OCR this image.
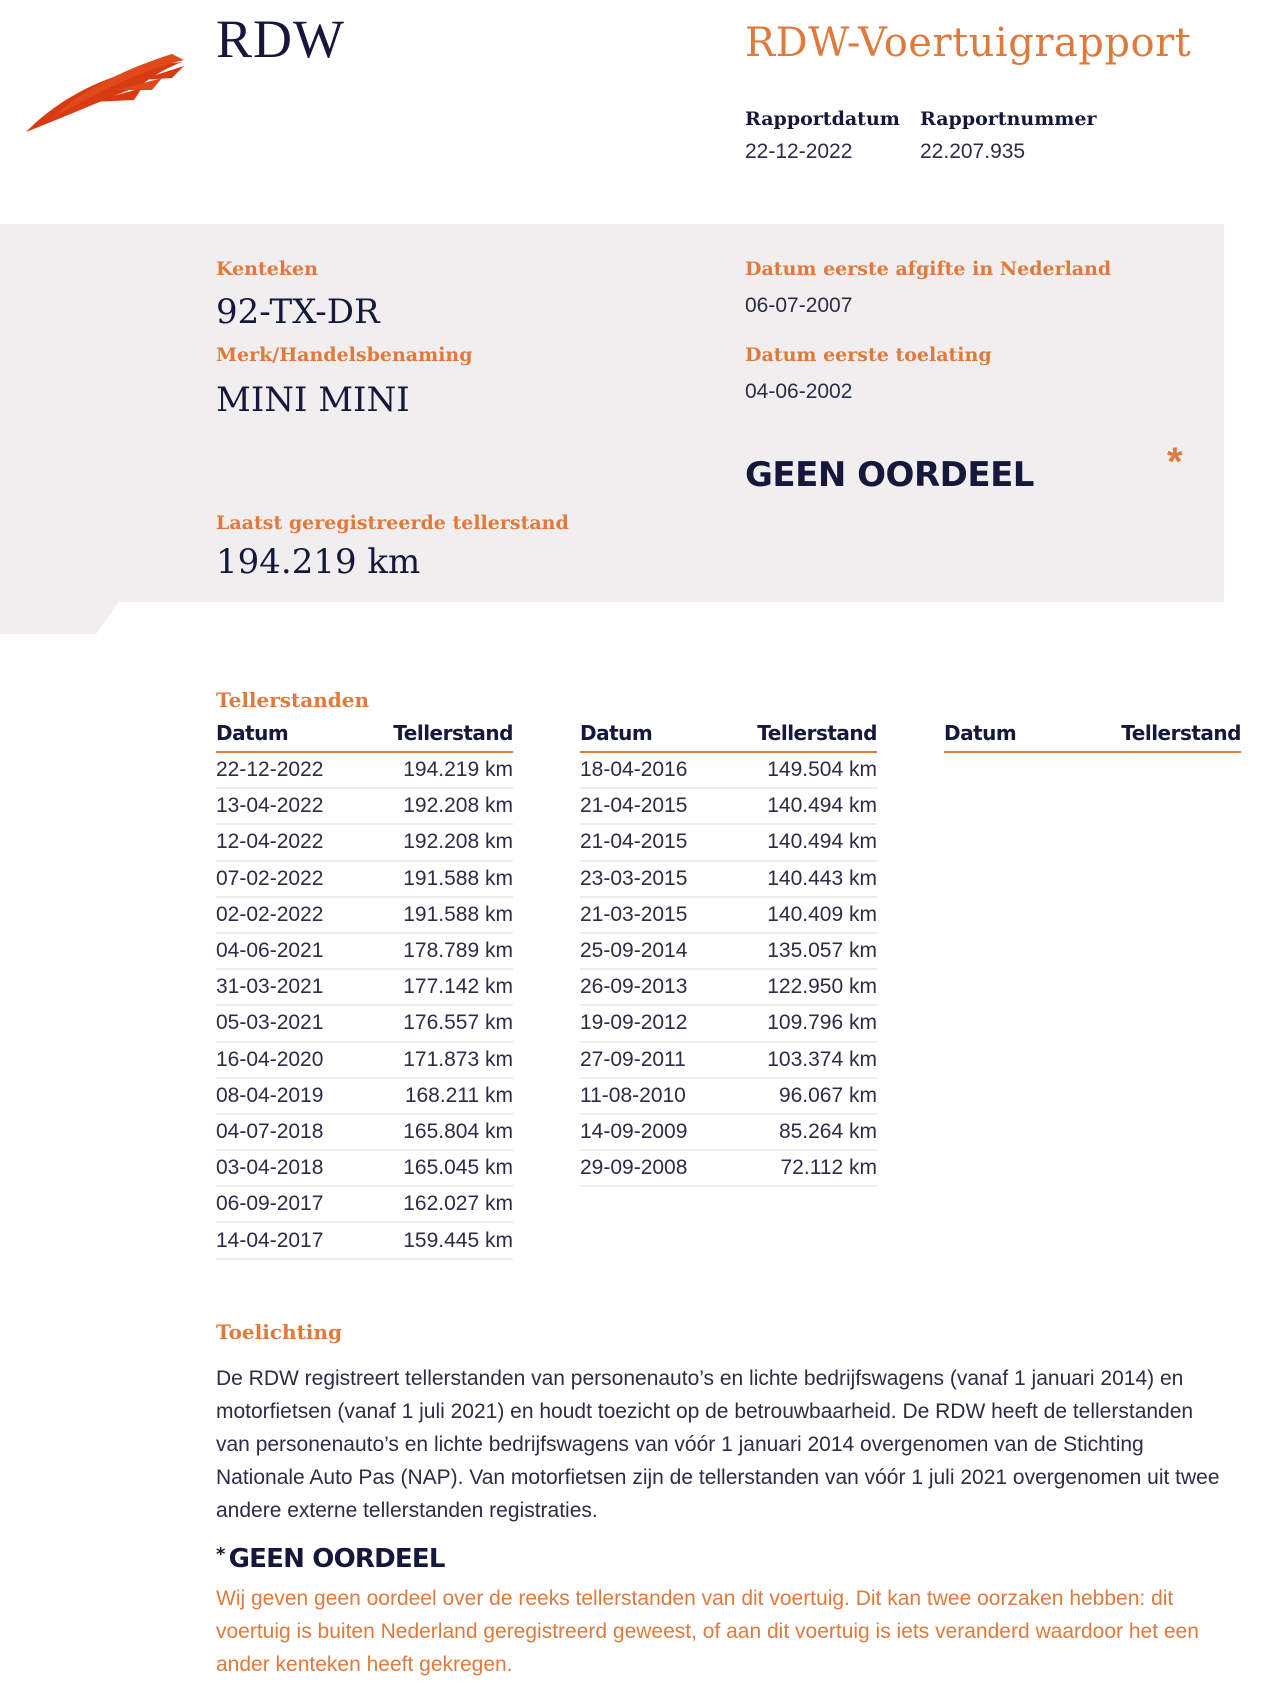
RDW	RDW-Voertuigrapport
Rapportdatum
22-12-2022
Rapportnummer
22.207.935
Kenteken
92-TX-DR
Merk/Handelsbenaming
MINI MINI
Datum eerste afgifte in Nederland
06-07-2007
Datum eerste toelating
04-06-2002
GEEN OORDEEL	*
Laatst geregistreerde tellerstand
194.219 km
Tellerstanden
Datum	Tellerstand
22-12-2022	194.219 km
13-04-2022	192.208 km
12-04-2022	192.208 km
07-02-2022	191.588 km
02-02-2022	191.588 km
04-06-2021	178.789 km
31-03-2021	177.142 km
05-03-2021	176.557 km
16-04-2020	171.873 km
08-04-2019	168.211 km
04-07-2018	165.804 km
03-04-2018	165.045 km
06-09-2017	162.027 km
14-04-2017	159.445 km
Datum	Tellerstand
18-04-2016	149.504 km
21-04-2015	140.494 km
21-04-2015	140.494 km
23-03-2015	140.443 km
21-03-2015	140.409 km
25-09-2014	135.057 km
26-09-2013	122.950 km
19-09-2012	109.796 km
27-09-2011	103.374 km
11-08-2010	96.067 km
14-09-2009	85.264 km
29-09-2008	72.112 km
Datum	Tellerstand
Toelichting
De RDW registreert tellerstanden van personenauto’s en lichte bedrijfswagens (vanaf 1 januari 2014) en motorfietsen (vanaf 1 juli 2021) en houdt toezicht op de betrouwbaarheid. De RDW heeft de tellerstanden van personenauto’s en lichte bedrijfswagens van vóór 1 januari 2014 overgenomen van de Stichting Nationale Auto Pas (NAP). Van motorfietsen zijn de tellerstanden van vóór 1 juli 2021 overgenomen uit twee andere externe tellerstanden registraties.
* GEEN OORDEEL
Wij geven geen oordeel over de reeks tellerstanden van dit voertuig. Dit kan twee oorzaken hebben: dit voertuig is buiten Nederland geregistreerd geweest, of aan dit voertuig is iets veranderd waardoor het een ander kenteken heeft gekregen.
